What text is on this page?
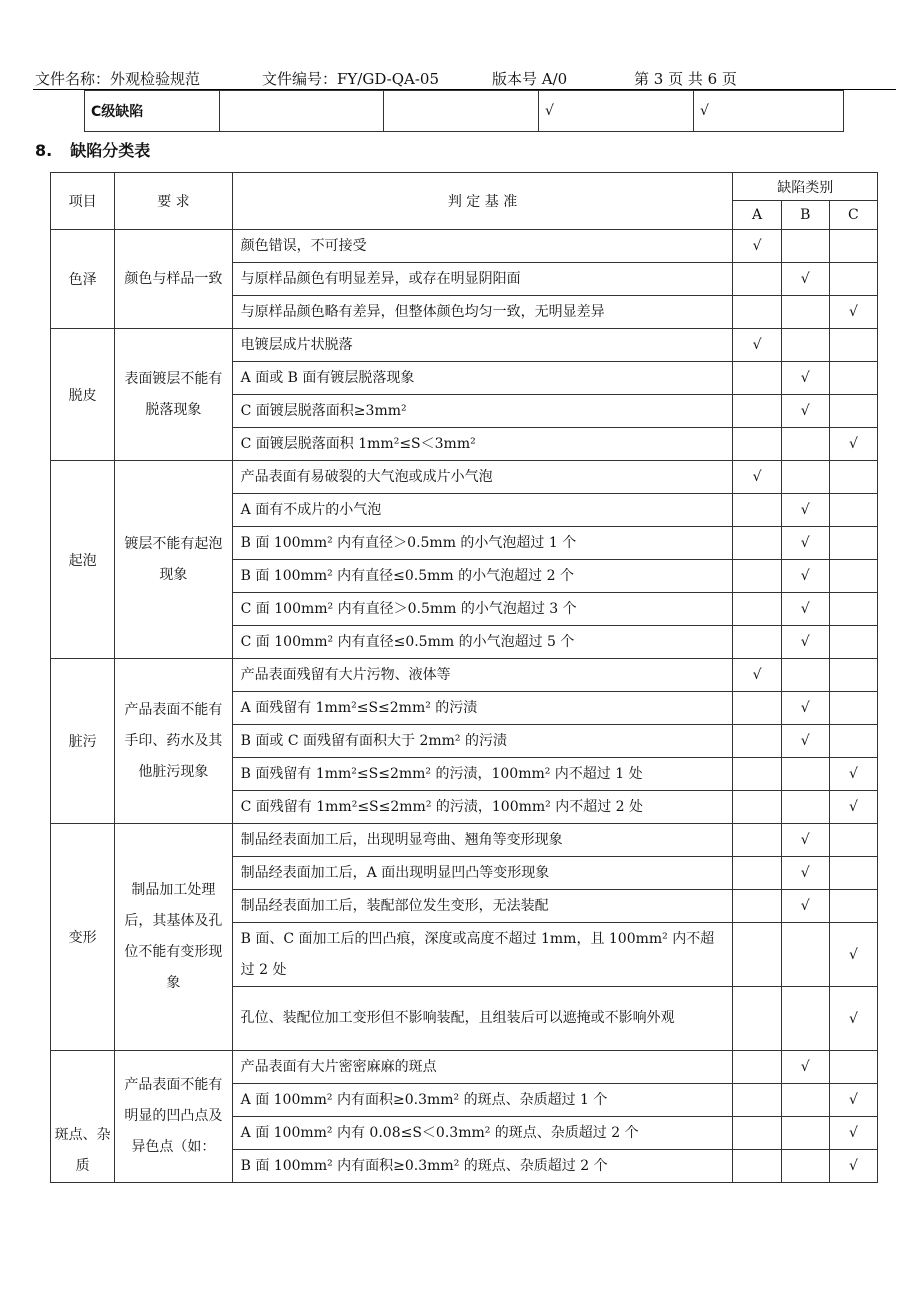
文件名称：外观检验规范	文件编号：FY/GD-QA-05	版本号 A/0	第 3 页 共 6 页
C级缺陷			√	√
8. 缺陷分类表
项目	要 求	判 定 基 准	缺陷类别		
			A	B	C
色泽	颜色与样品一致	颜色错误，不可接受	√		
		与原样品颜色有明显差异，或存在明显阴阳面		√	
		与原样品颜色略有差异，但整体颜色均匀一致，无明显差异			√
脱皮	表面镀层不能有脱落现象	电镀层成片状脱落	√		
		A 面或 B 面有镀层脱落现象		√	
		C 面镀层脱落面积≥3mm²		√	
		C 面镀层脱落面积 1mm²≤S＜3mm²			√
起泡	镀层不能有起泡现象	产品表面有易破裂的大气泡或成片小气泡	√		
		A 面有不成片的小气泡		√	
		B 面 100mm² 内有直径＞0.5mm 的小气泡超过 1 个		√	
		B 面 100mm² 内有直径≤0.5mm 的小气泡超过 2 个		√	
		C 面 100mm² 内有直径＞0.5mm 的小气泡超过 3 个		√	
		C 面 100mm² 内有直径≤0.5mm 的小气泡超过 5 个		√	
脏污	产品表面不能有手印、药水及其他脏污现象	产品表面残留有大片污物、液体等	√		
		A 面残留有 1mm²≤S≤2mm² 的污渍		√	
		B 面或 C 面残留有面积大于 2mm² 的污渍		√	
		B 面残留有 1mm²≤S≤2mm² 的污渍，100mm² 内不超过 1 处			√
		C 面残留有 1mm²≤S≤2mm² 的污渍，100mm² 内不超过 2 处			√
变形	制品加工处理后，其基体及孔位不能有变形现象	制品经表面加工后，出现明显弯曲、翘角等变形现象		√	
		制品经表面加工后，A 面出现明显凹凸等变形现象		√	
		制品经表面加工后，装配部位发生变形，无法装配		√	
		B 面、C 面加工后的凹凸痕，深度或高度不超过 1mm，且 100mm² 内不超过 2 处			√
		孔位、装配位加工变形但不影响装配，且组装后可以遮掩或不影响外观			√
斑点、杂质	产品表面不能有明显的凹凸点及异色点（如：	产品表面有大片密密麻麻的斑点		√	
		A 面 100mm² 内有面积≥0.3mm² 的斑点、杂质超过 1 个			√
		A 面 100mm² 内有 0.08≤S＜0.3mm² 的斑点、杂质超过 2 个			√
		B 面 100mm² 内有面积≥0.3mm² 的斑点、杂质超过 2 个			√
